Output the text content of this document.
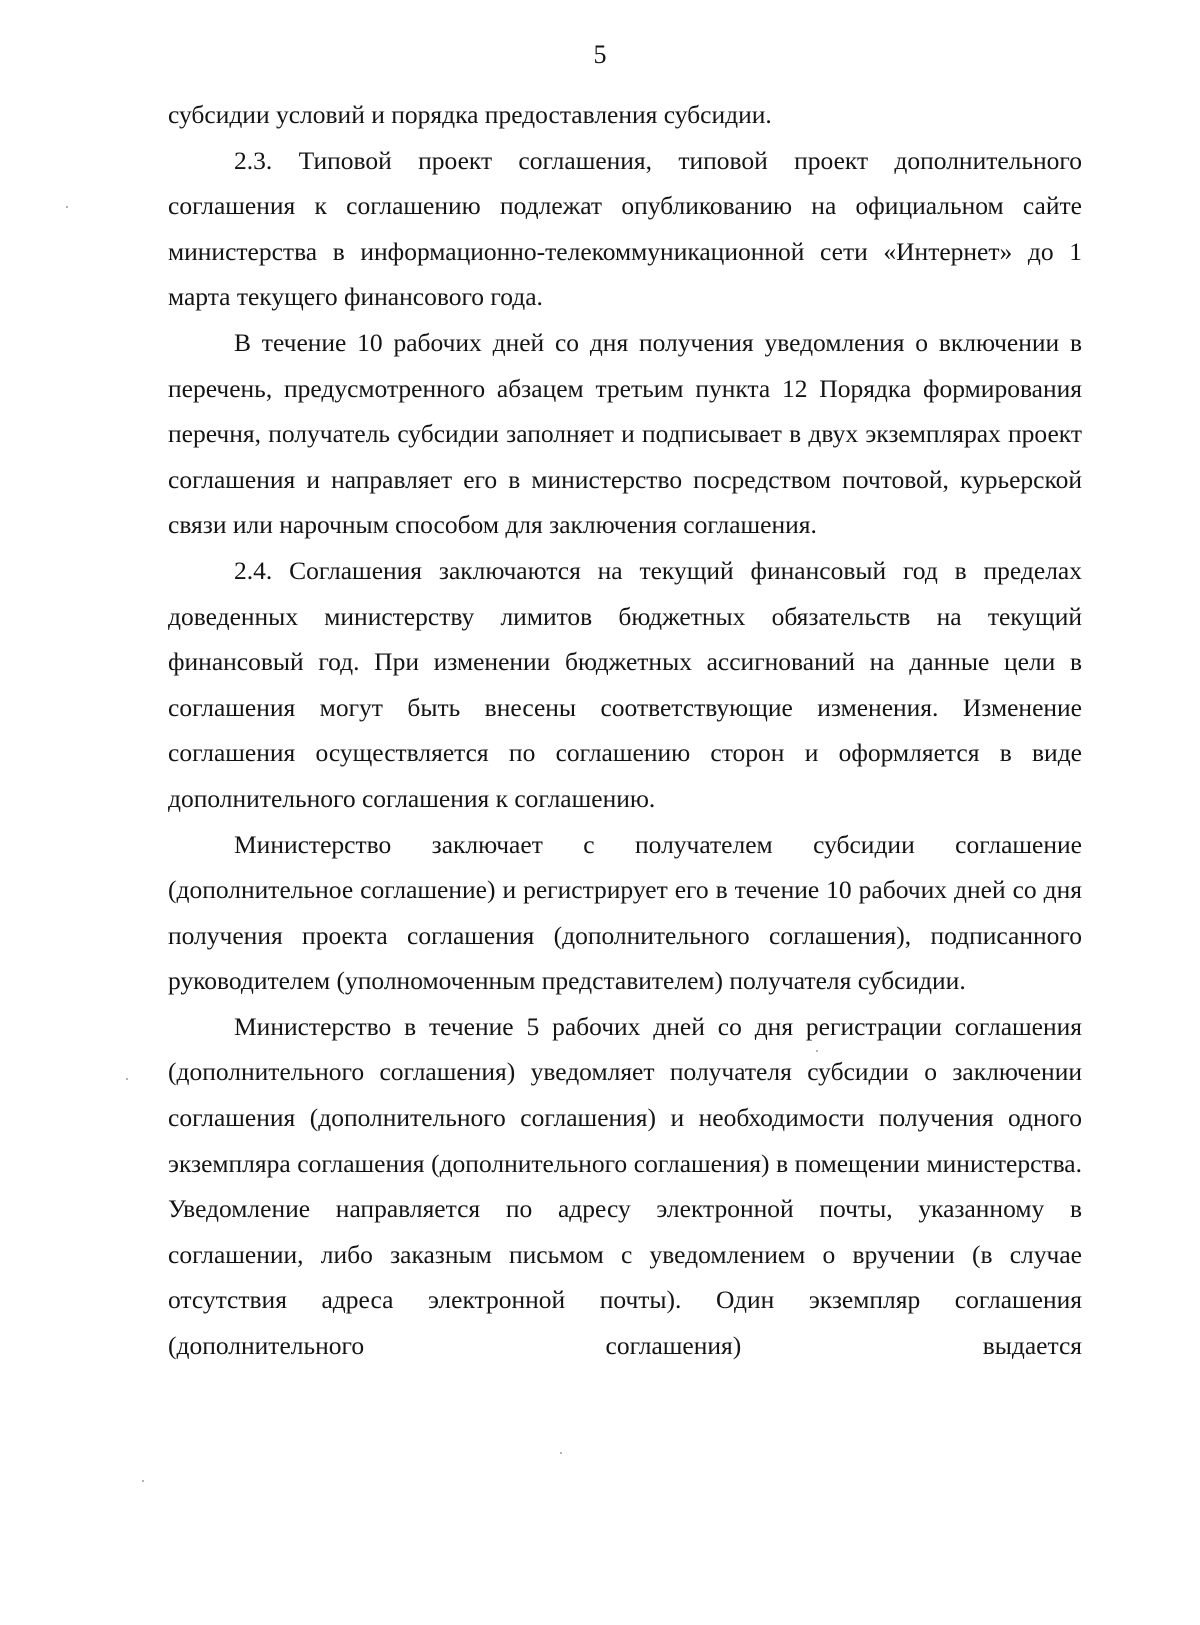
5

субсидии условий и порядка предоставления субсидии.

2.3. Типовой проект соглашения, типовой проект дополнительного соглашения к соглашению подлежат опубликованию на официальном сайте министерства в информационно-телекоммуникационной сети «Интернет» до 1 марта текущего финансового года.

В течение 10 рабочих дней со дня получения уведомления о включении в перечень, предусмотренного абзацем третьим пункта 12 Порядка формирования перечня, получатель субсидии заполняет и подписывает в двух экземплярах проект соглашения и направляет его в министерство посредством почтовой, курьерской связи или нарочным способом для заключения соглашения.

2.4. Соглашения заключаются на текущий финансовый год в пределах доведенных министерству лимитов бюджетных обязательств на текущий финансовый год. При изменении бюджетных ассигнований на данные цели в соглашения могут быть внесены соответствующие изменения. Изменение соглашения осуществляется по соглашению сторон и оформляется в виде дополнительного соглашения к соглашению.

Министерство заключает с получателем субсидии соглашение (дополнительное соглашение) и регистрирует его в течение 10 рабочих дней со дня получения проекта соглашения (дополнительного соглашения), подписанного руководителем (уполномоченным представителем) получателя субсидии.

Министерство в течение 5 рабочих дней со дня регистрации соглашения (дополнительного соглашения) уведомляет получателя субсидии о заключении соглашения (дополнительного соглашения) и необходимости получения одного экземпляра соглашения (дополнительного соглашения) в помещении министерства. Уведомление направляется по адресу электронной почты, указанному в соглашении, либо заказным письмом с уведомлением о вручении (в случае отсутствия адреса электронной почты). Один экземпляр соглашения (дополнительного соглашения) выдается
